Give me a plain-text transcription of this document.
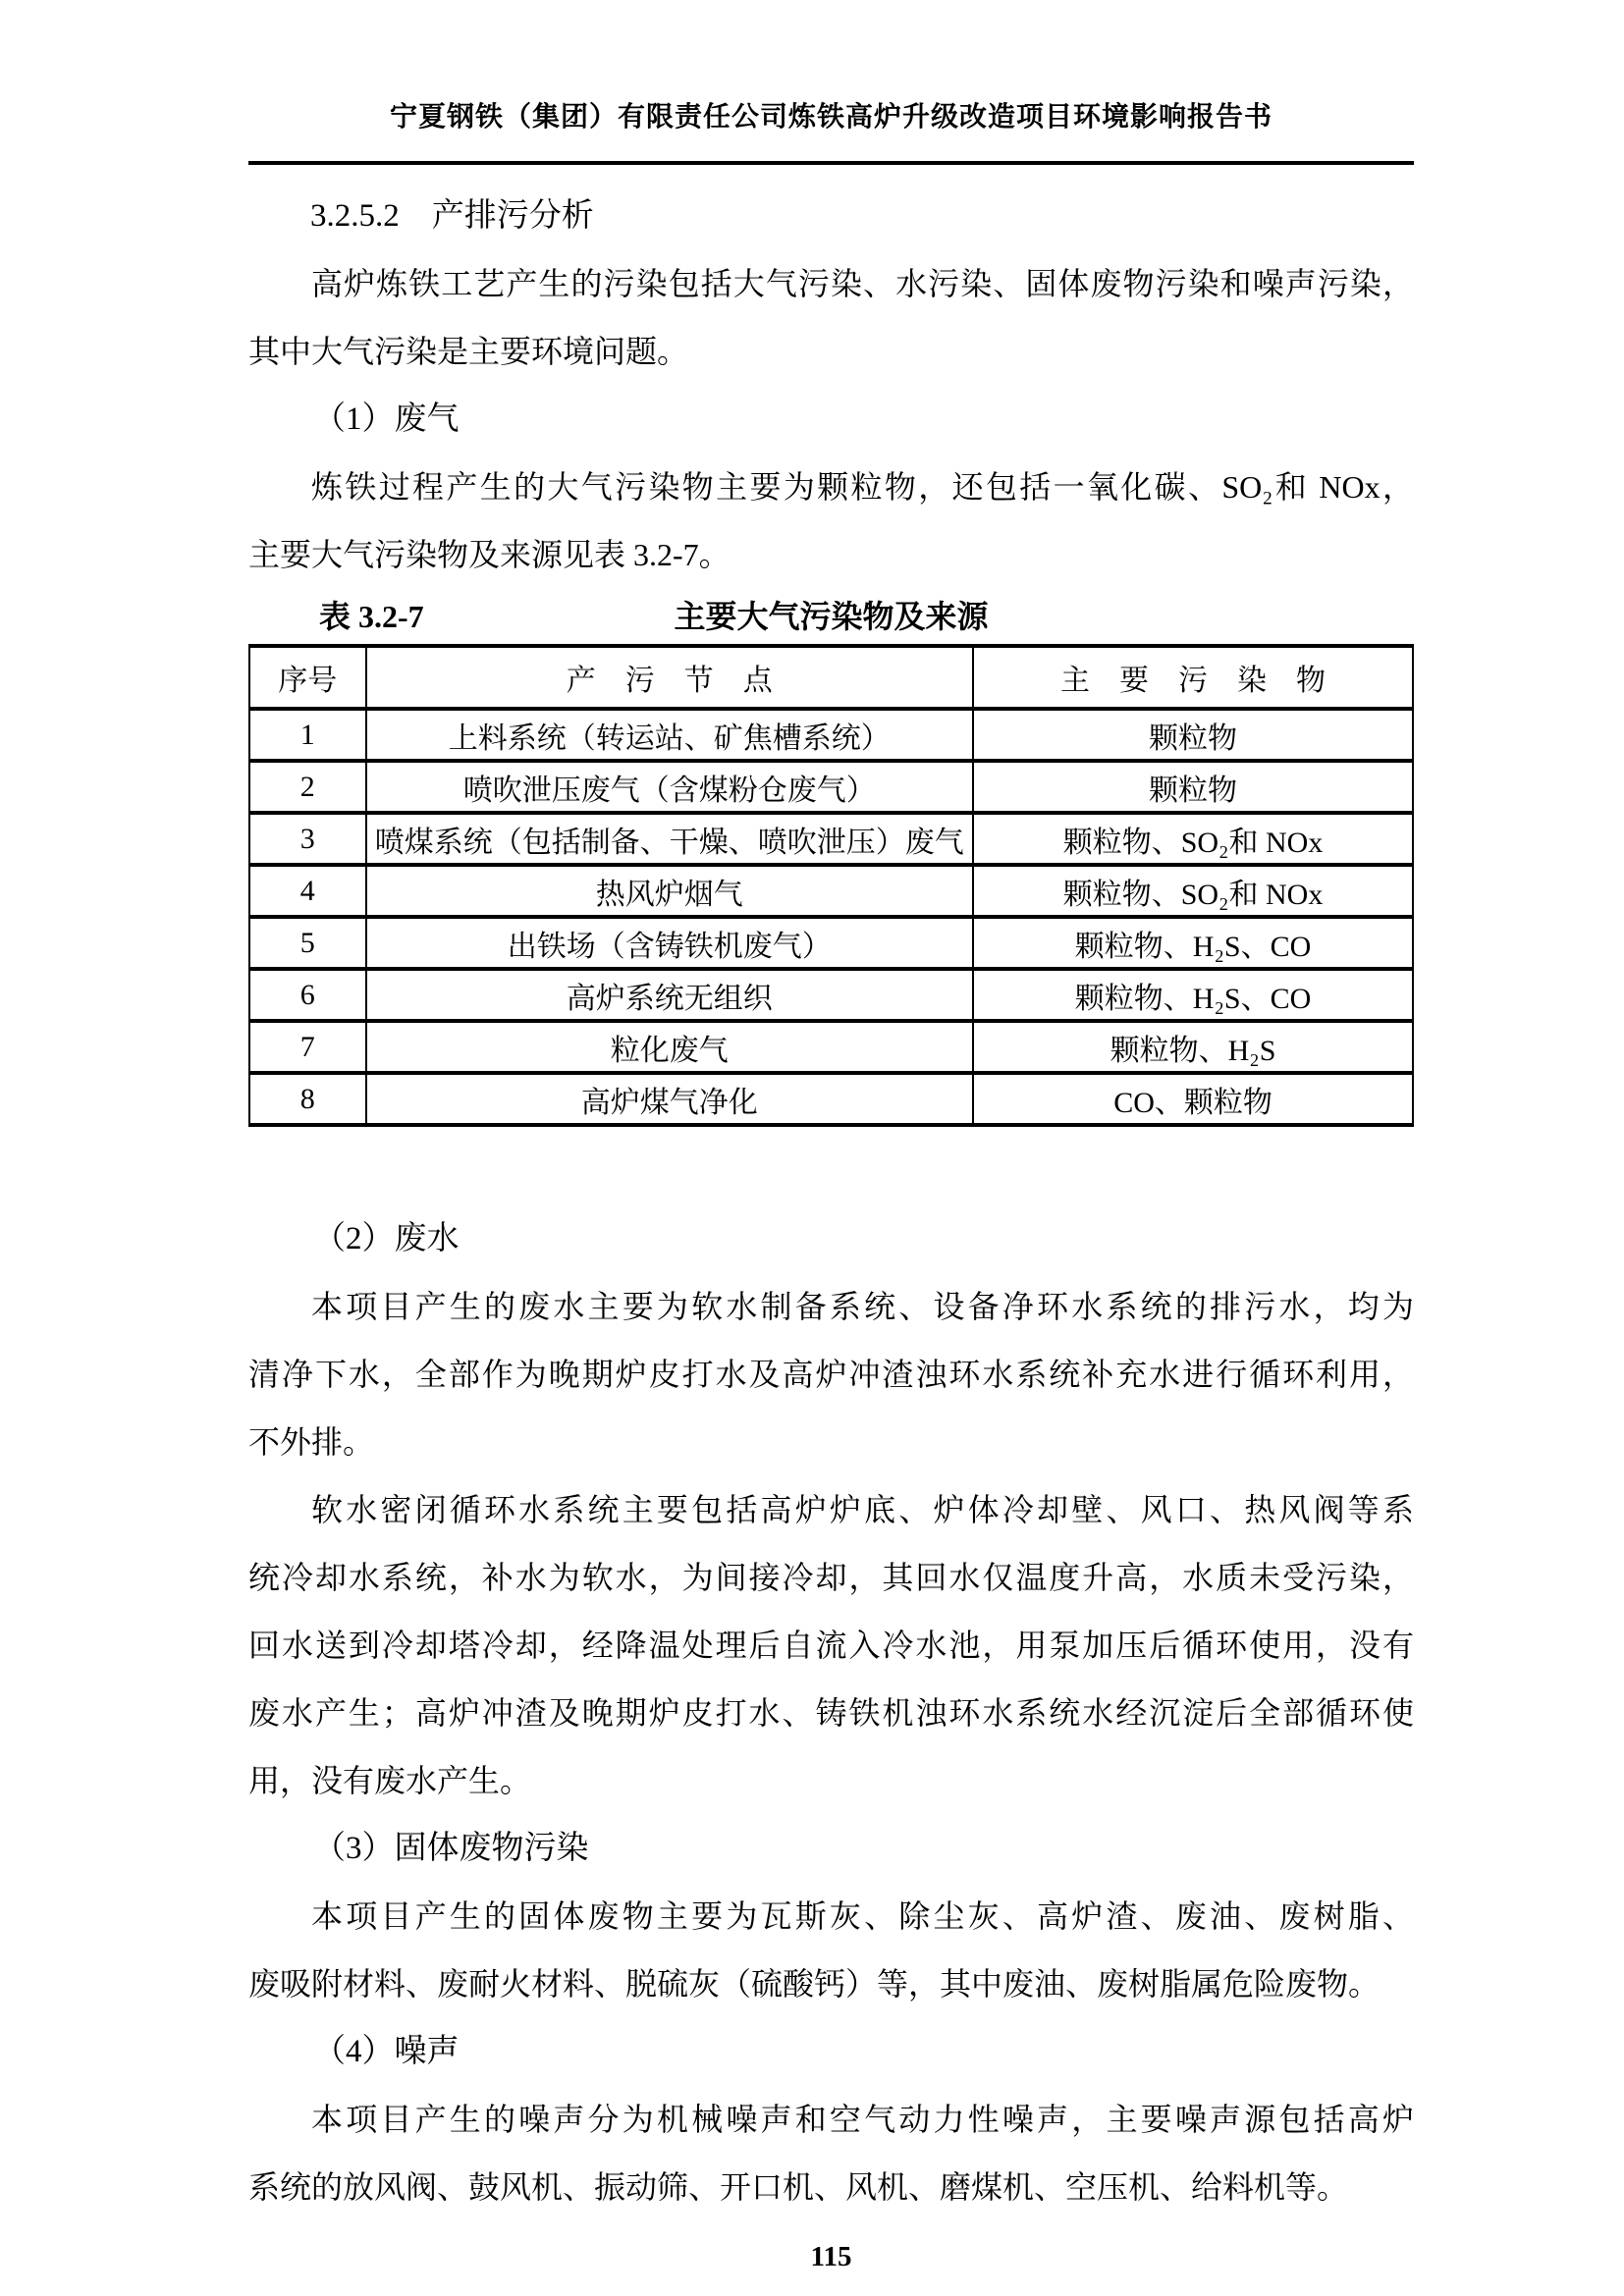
宁夏钢铁（集团）有限责任公司炼铁高炉升级改造项目环境影响报告书
3.2.5.2　产排污分析
高炉炼铁工艺产生的污染包括大气污染、水污染、固体废物污染和噪声污染，
其中大气污染是主要环境问题。
（1）废气
炼铁过程产生的大气污染物主要为颗粒物，还包括一氧化碳、SO₂和 NOx，
主要大气污染物及来源见表 3.2-7。
表 3.2-7	主要大气污染物及来源
序号	产　污　节　点	主　要　污　染　物
1	上料系统（转运站、矿焦槽系统）	颗粒物
2	喷吹泄压废气（含煤粉仓废气）	颗粒物
3	喷煤系统（包括制备、干燥、喷吹泄压）废气	颗粒物、SO₂和 NOx
4	热风炉烟气	颗粒物、SO₂和 NOx
5	出铁场（含铸铁机废气）	颗粒物、H₂S、CO
6	高炉系统无组织	颗粒物、H₂S、CO
7	粒化废气	颗粒物、H₂S
8	高炉煤气净化	CO、颗粒物
（2）废水
本项目产生的废水主要为软水制备系统、设备净环水系统的排污水，均为
清净下水，全部作为晚期炉皮打水及高炉冲渣浊环水系统补充水进行循环利用，
不外排。
软水密闭循环水系统主要包括高炉炉底、炉体冷却壁、风口、热风阀等系
统冷却水系统，补水为软水，为间接冷却，其回水仅温度升高，水质未受污染，
回水送到冷却塔冷却，经降温处理后自流入冷水池，用泵加压后循环使用，没有
废水产生；高炉冲渣及晚期炉皮打水、铸铁机浊环水系统水经沉淀后全部循环使
用，没有废水产生。
（3）固体废物污染
本项目产生的固体废物主要为瓦斯灰、除尘灰、高炉渣、废油、废树脂、
废吸附材料、废耐火材料、脱硫灰（硫酸钙）等，其中废油、废树脂属危险废物。
（4）噪声
本项目产生的噪声分为机械噪声和空气动力性噪声，主要噪声源包括高炉
系统的放风阀、鼓风机、振动筛、开口机、风机、磨煤机、空压机、给料机等。
115
